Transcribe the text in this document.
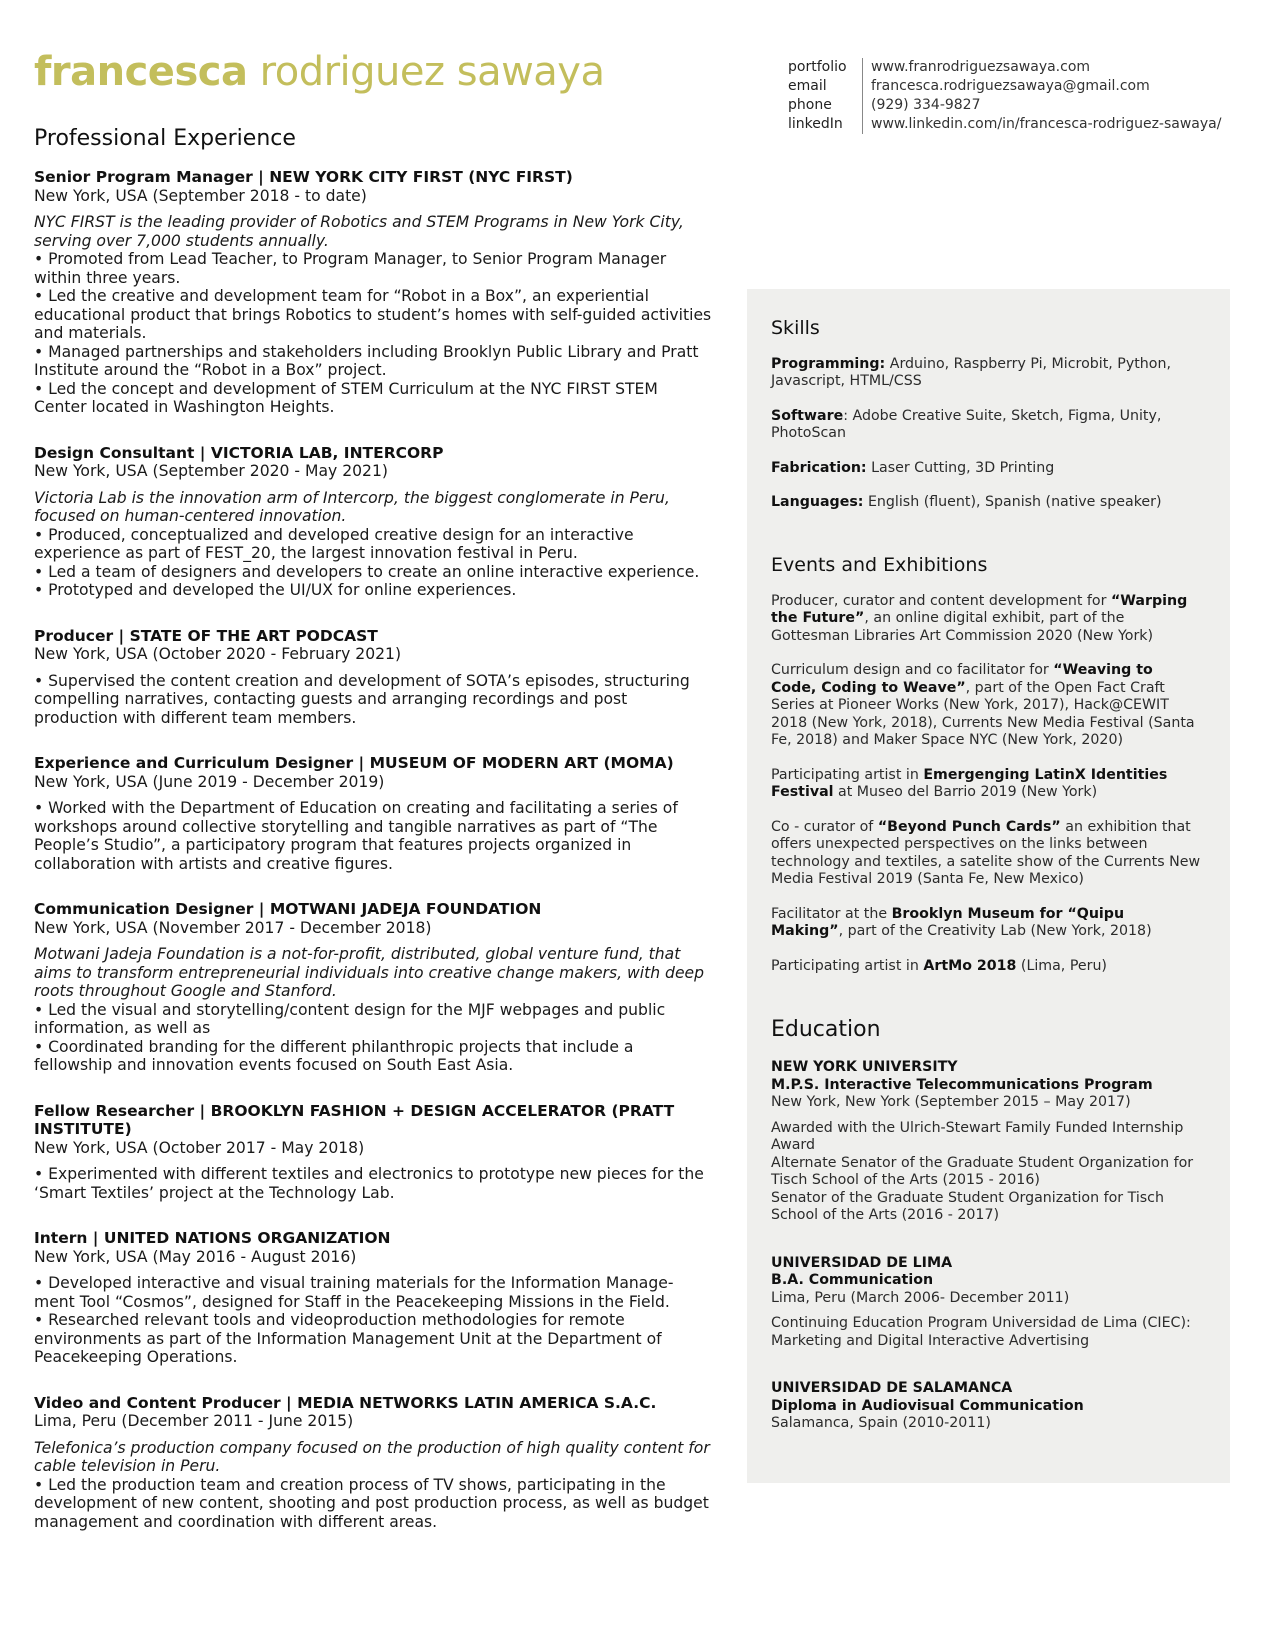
francesca rodriguez sawaya	portfolio	www.franrodriguezsawaya.com
email	francesca.rodriguezsawaya@gmail.com
phone	(929) 334-9827
linkedIn	www.linkedin.com/in/francesca-rodriguez-sawaya/
Professional Experience
Senior Program Manager | NEW YORK CITY FIRST (NYC FIRST)
New York, USA (September 2018 - to date)
NYC FIRST is the leading provider of Robotics and STEM Programs in New York City, serving over 7,000 students annually.
• Promoted from Lead Teacher, to Program Manager, to Senior Program Manager within three years.
• Led the creative and development team for “Robot in a Box”, an experiential educational product that brings Robotics to student’s homes with self-guided activities and materials.
• Managed partnerships and stakeholders including Brooklyn Public Library and Pratt Institute around the “Robot in a Box” project.
• Led the concept and development of STEM Curriculum at the NYC FIRST STEM Center located in Washington Heights.
Design Consultant | VICTORIA LAB, INTERCORP
New York, USA (September 2020 - May 2021)
Victoria Lab is the innovation arm of Intercorp, the biggest conglomerate in Peru, focused on human-centered innovation.
• Produced, conceptualized and developed creative design for an interactive experience as part of FEST_20, the largest innovation festival in Peru.
• Led a team of designers and developers to create an online interactive experience.
• Prototyped and developed the UI/UX for online experiences.
Producer | STATE OF THE ART PODCAST
New York, USA (October 2020 - February 2021)
• Supervised the content creation and development of SOTA’s episodes, structuring compelling narratives, contacting guests and arranging recordings and post production with different team members.
Experience and Curriculum Designer | MUSEUM OF MODERN ART (MOMA)
New York, USA (June 2019 - December 2019)
• Worked with the Department of Education on creating and facilitating a series of workshops around collective storytelling and tangible narratives as part of “The People’s Studio”, a participatory program that features projects organized in collaboration with artists and creative figures.
Communication Designer | MOTWANI JADEJA FOUNDATION
New York, USA (November 2017 - December 2018)
Motwani Jadeja Foundation is a not-for-profit, distributed, global venture fund, that aims to transform entrepreneurial individuals into creative change makers, with deep roots throughout Google and Stanford.
• Led the visual and storytelling/content design for the MJF webpages and public information, as well as
• Coordinated branding for the different philanthropic projects that include a fellowship and innovation events focused on South East Asia.
Fellow Researcher | BROOKLYN FASHION + DESIGN ACCELERATOR (PRATT INSTITUTE)
New York, USA (October 2017 - May 2018)
• Experimented with different textiles and electronics to prototype new pieces for the ‘Smart Textiles’ project at the Technology Lab.
Intern | UNITED NATIONS ORGANIZATION
New York, USA (May 2016 - August 2016)
• Developed interactive and visual training materials for the Information Manage-ment Tool “Cosmos”, designed for Staff in the Peacekeeping Missions in the Field.
• Researched relevant tools and videoproduction methodologies for remote environments as part of the Information Management Unit at the Department of Peacekeeping Operations.
Video and Content Producer | MEDIA NETWORKS LATIN AMERICA S.A.C.
Lima, Peru (December 2011 - June 2015)
Telefonica’s production company focused on the production of high quality content for cable television in Peru.
• Led the production team and creation process of TV shows, participating in the development of new content, shooting and post production process, as well as budget management and coordination with different areas.
Skills
Programming: Arduino, Raspberry Pi, Microbit, Python, Javascript, HTML/CSS
Software: Adobe Creative Suite, Sketch, Figma, Unity, PhotoScan
Fabrication: Laser Cutting, 3D Printing
Languages: English (fluent), Spanish (native speaker)
Events and Exhibitions
Producer, curator and content development for “Warping the Future”, an online digital exhibit, part of the Gottesman Libraries Art Commission 2020 (New York)
Curriculum design and co facilitator for “Weaving to Code, Coding to Weave”, part of the Open Fact Craft Series at Pioneer Works (New York, 2017), Hack@CEWIT 2018 (New York, 2018), Currents New Media Festival (Santa Fe, 2018) and Maker Space NYC (New York, 2020)
Participating artist in Emergenging LatinX Identities Festival at Museo del Barrio 2019 (New York)
Co - curator of “Beyond Punch Cards” an exhibition that offers unexpected perspectives on the links between technology and textiles, a satelite show of the Currents New Media Festival 2019 (Santa Fe, New Mexico)
Facilitator at the Brooklyn Museum for “Quipu Making”, part of the Creativity Lab (New York, 2018)
Participating artist in ArtMo 2018 (Lima, Peru)
Education
NEW YORK UNIVERSITY
M.P.S. Interactive Telecommunications Program
New York, New York (September 2015 – May 2017)
Awarded with the Ulrich-Stewart Family Funded Internship Award
Alternate Senator of the Graduate Student Organization for Tisch School of the Arts (2015 - 2016)
Senator of the Graduate Student Organization for Tisch School of the Arts (2016 - 2017)
UNIVERSIDAD DE LIMA
B.A. Communication
Lima, Peru (March 2006- December 2011)
Continuing Education Program Universidad de Lima (CIEC): Marketing and Digital Interactive Advertising
UNIVERSIDAD DE SALAMANCA
Diploma in Audiovisual Communication
Salamanca, Spain (2010-2011)
